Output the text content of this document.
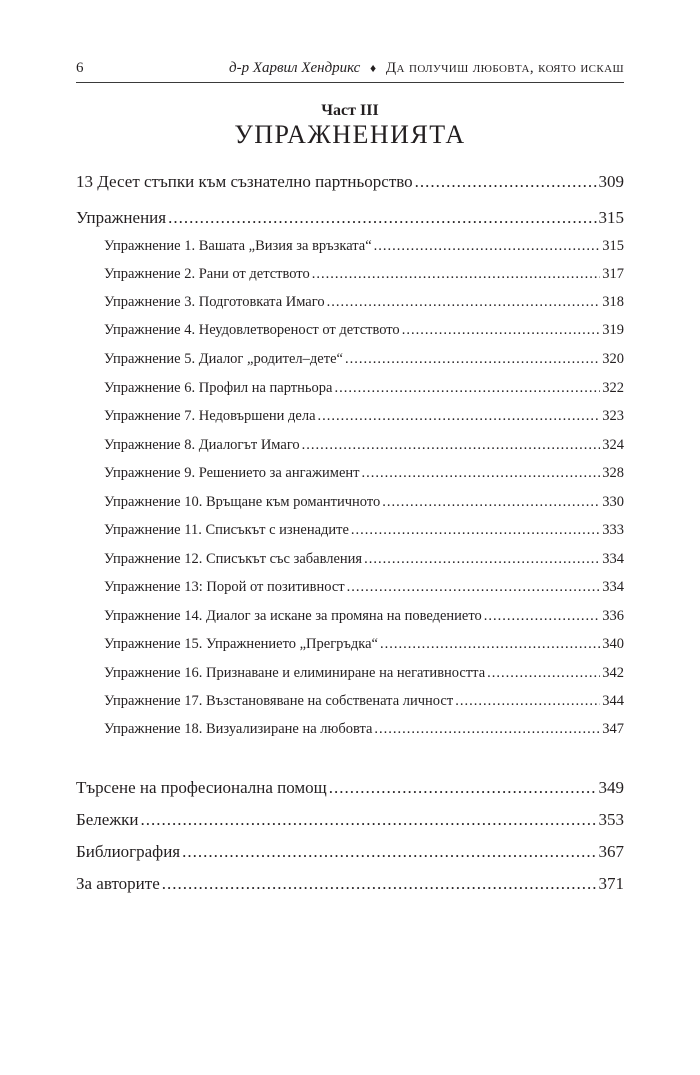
6	д-р Харвил Хендрикс ♦ Да получиш любовта, която искаш
Част III
УПРАЖНЕНИЯТА
13 Десет стъпки към съзнателно партньорство .....	309
Упражнения .....	315
Упражнение 1. Вашата „Визия за връзката“ .....	315
Упражнение 2. Рани от детството .....	317
Упражнение 3. Подготовката Имаго .....	318
Упражнение 4. Неудовлетвореност от детството .....	319
Упражнение 5. Диалог „родител–дете“ .....	320
Упражнение 6. Профил на партньора .....	322
Упражнение 7. Недовършени дела .....	323
Упражнение 8. Диалогът Имаго .....	324
Упражнение 9. Решението за ангажимент .....	328
Упражнение 10. Връщане към романтичното .....	330
Упражнение 11. Списъкът с изненадите .....	333
Упражнение 12. Списъкът със забавления .....	334
Упражнение 13: Порой от позитивност .....	334
Упражнение 14. Диалог за искане за промяна на поведението .....	336
Упражнение 15. Упражнението „Прегръдка“ .....	340
Упражнение 16. Признаване и елиминиране на негативността .....	342
Упражнение 17. Възстановяване на собствената личност .....	344
Упражнение 18. Визуализиране на любовта .....	347
Търсене на професионална помощ .....	349
Бележки .....	353
Библиография .....	367
За авторите .....	371
